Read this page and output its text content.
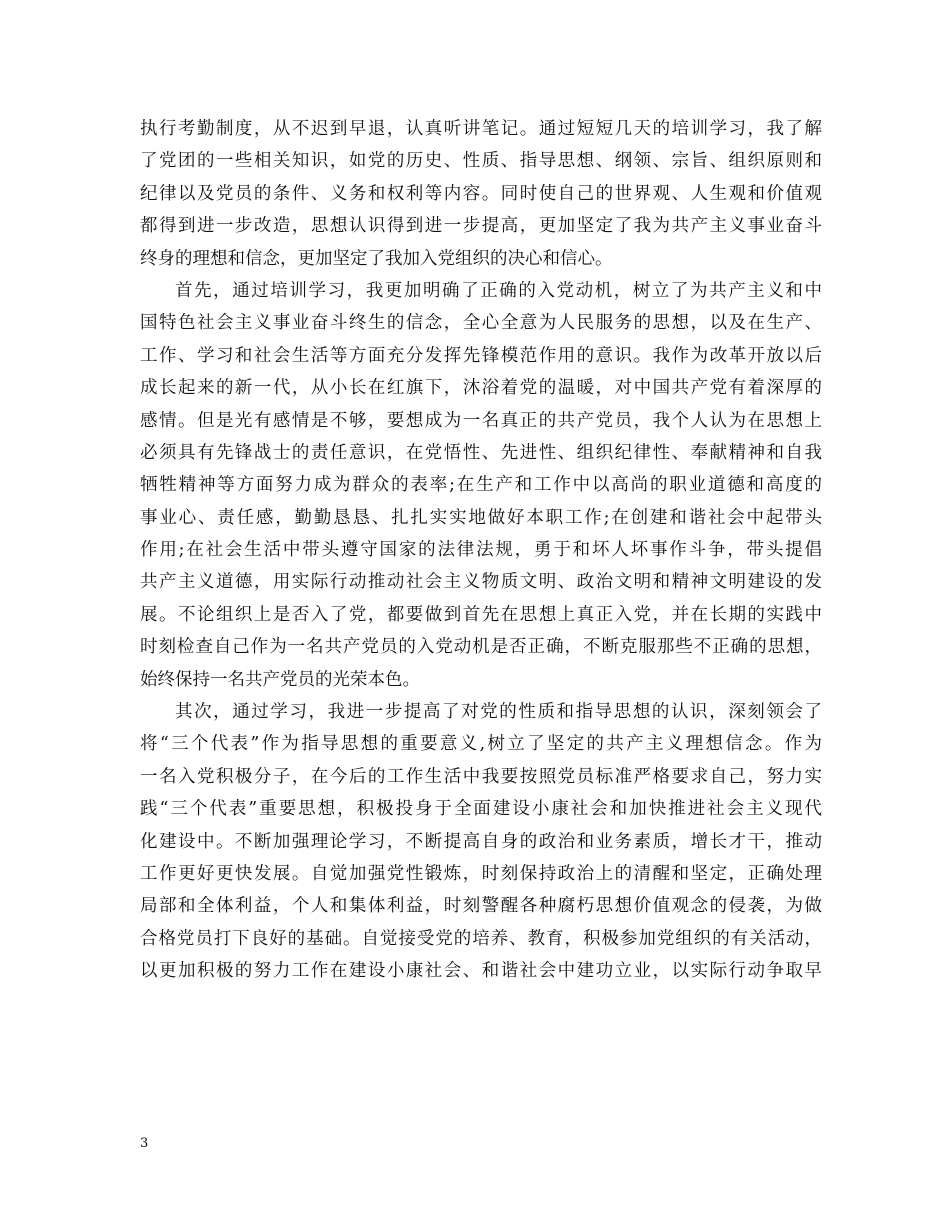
执行考勤制度，从不迟到早退，认真听讲笔记。通过短短几天的培训学习，我了解
了党团的一些相关知识，如党的历史、性质、指导思想、纲领、宗旨、组织原则和
纪律以及党员的条件、义务和权利等内容。同时使自己的世界观、人生观和价值观
都得到进一步改造，思想认识得到进一步提高，更加坚定了我为共产主义事业奋斗
终身的理想和信念，更加坚定了我加入党组织的决心和信心。
首先，通过培训学习，我更加明确了正确的入党动机，树立了为共产主义和中
国特色社会主义事业奋斗终生的信念，全心全意为人民服务的思想，以及在生产、
工作、学习和社会生活等方面充分发挥先锋模范作用的意识。我作为改革开放以后
成长起来的新一代，从小长在红旗下，沐浴着党的温暖，对中国共产党有着深厚的
感情。但是光有感情是不够，要想成为一名真正的共产党员，我个人认为在思想上
必须具有先锋战士的责任意识，在党悟性、先进性、组织纪律性、奉献精神和自我
牺牲精神等方面努力成为群众的表率;在生产和工作中以高尚的职业道德和高度的
事业心、责任感，勤勤恳恳、扎扎实实地做好本职工作;在创建和谐社会中起带头
作用;在社会生活中带头遵守国家的法律法规，勇于和坏人坏事作斗争，带头提倡
共产主义道德，用实际行动推动社会主义物质文明、政治文明和精神文明建设的发
展。不论组织上是否入了党，都要做到首先在思想上真正入党，并在长期的实践中
时刻检查自己作为一名共产党员的入党动机是否正确，不断克服那些不正确的思想，
始终保持一名共产党员的光荣本色。
其次，通过学习，我进一步提高了对党的性质和指导思想的认识，深刻领会了
将“三个代表”作为指导思想的重要意义,树立了坚定的共产主义理想信念。作为
一名入党积极分子，在今后的工作生活中我要按照党员标准严格要求自己，努力实
践“三个代表”重要思想，积极投身于全面建设小康社会和加快推进社会主义现代
化建设中。不断加强理论学习，不断提高自身的政治和业务素质，增长才干，推动
工作更好更快发展。自觉加强党性锻炼，时刻保持政治上的清醒和坚定，正确处理
局部和全体利益，个人和集体利益，时刻警醒各种腐朽思想价值观念的侵袭，为做
合格党员打下良好的基础。自觉接受党的培养、教育，积极参加党组织的有关活动，
以更加积极的努力工作在建设小康社会、和谐社会中建功立业，以实际行动争取早
3
